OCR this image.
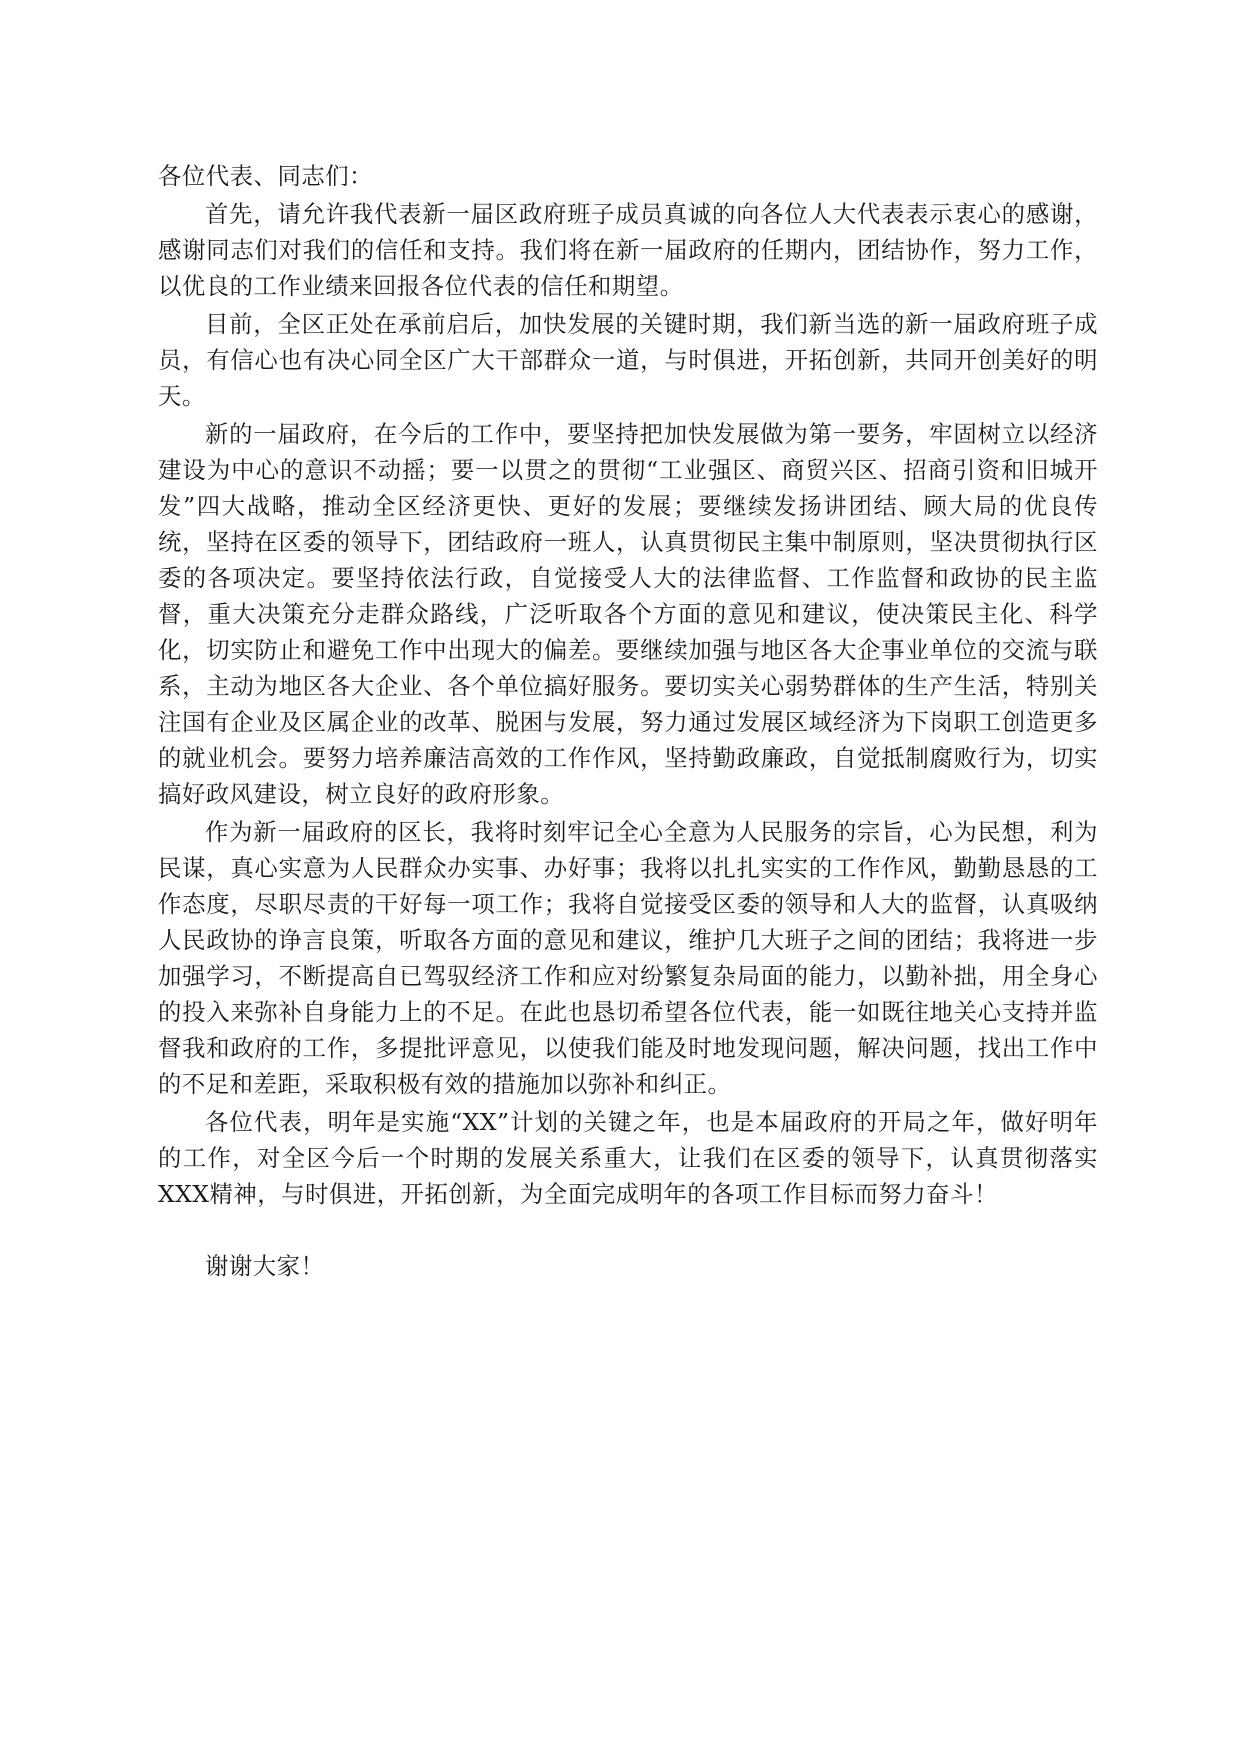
各位代表、同志们：

首先，请允许我代表新一届区政府班子成员真诚的向各位人大代表表示衷心的感谢，感谢同志们对我们的信任和支持。我们将在新一届政府的任期内，团结协作，努力工作，以优良的工作业绩来回报各位代表的信任和期望。

目前，全区正处在承前启后，加快发展的关键时期，我们新当选的新一届政府班子成员，有信心也有决心同全区广大干部群众一道，与时俱进，开拓创新，共同开创美好的明天。

新的一届政府，在今后的工作中，要坚持把加快发展做为第一要务，牢固树立以经济建设为中心的意识不动摇；要一以贯之的贯彻“工业强区、商贸兴区、招商引资和旧城开发”四大战略，推动全区经济更快、更好的发展；要继续发扬讲团结、顾大局的优良传统，坚持在区委的领导下，团结政府一班人，认真贯彻民主集中制原则，坚决贯彻执行区委的各项决定。要坚持依法行政，自觉接受人大的法律监督、工作监督和政协的民主监督，重大决策充分走群众路线，广泛听取各个方面的意见和建议，使决策民主化、科学化，切实防止和避免工作中出现大的偏差。要继续加强与地区各大企事业单位的交流与联系，主动为地区各大企业、各个单位搞好服务。要切实关心弱势群体的生产生活，特别关注国有企业及区属企业的改革、脱困与发展，努力通过发展区域经济为下岗职工创造更多的就业机会。要努力培养廉洁高效的工作作风，坚持勤政廉政，自觉抵制腐败行为，切实搞好政风建设，树立良好的政府形象。

作为新一届政府的区长，我将时刻牢记全心全意为人民服务的宗旨，心为民想，利为民谋，真心实意为人民群众办实事、办好事；我将以扎扎实实的工作作风，勤勤恳恳的工作态度，尽职尽责的干好每一项工作；我将自觉接受区委的领导和人大的监督，认真吸纳人民政协的诤言良策，听取各方面的意见和建议，维护几大班子之间的团结；我将进一步加强学习，不断提高自已驾驭经济工作和应对纷繁复杂局面的能力，以勤补拙，用全身心的投入来弥补自身能力上的不足。在此也恳切希望各位代表，能一如既往地关心支持并监督我和政府的工作，多提批评意见，以使我们能及时地发现问题，解决问题，找出工作中的不足和差距，采取积极有效的措施加以弥补和纠正。

各位代表，明年是实施“XX”计划的关键之年，也是本届政府的开局之年，做好明年的工作，对全区今后一个时期的发展关系重大，让我们在区委的领导下，认真贯彻落实XXX精神，与时俱进，开拓创新，为全面完成明年的各项工作目标而努力奋斗！

谢谢大家！
